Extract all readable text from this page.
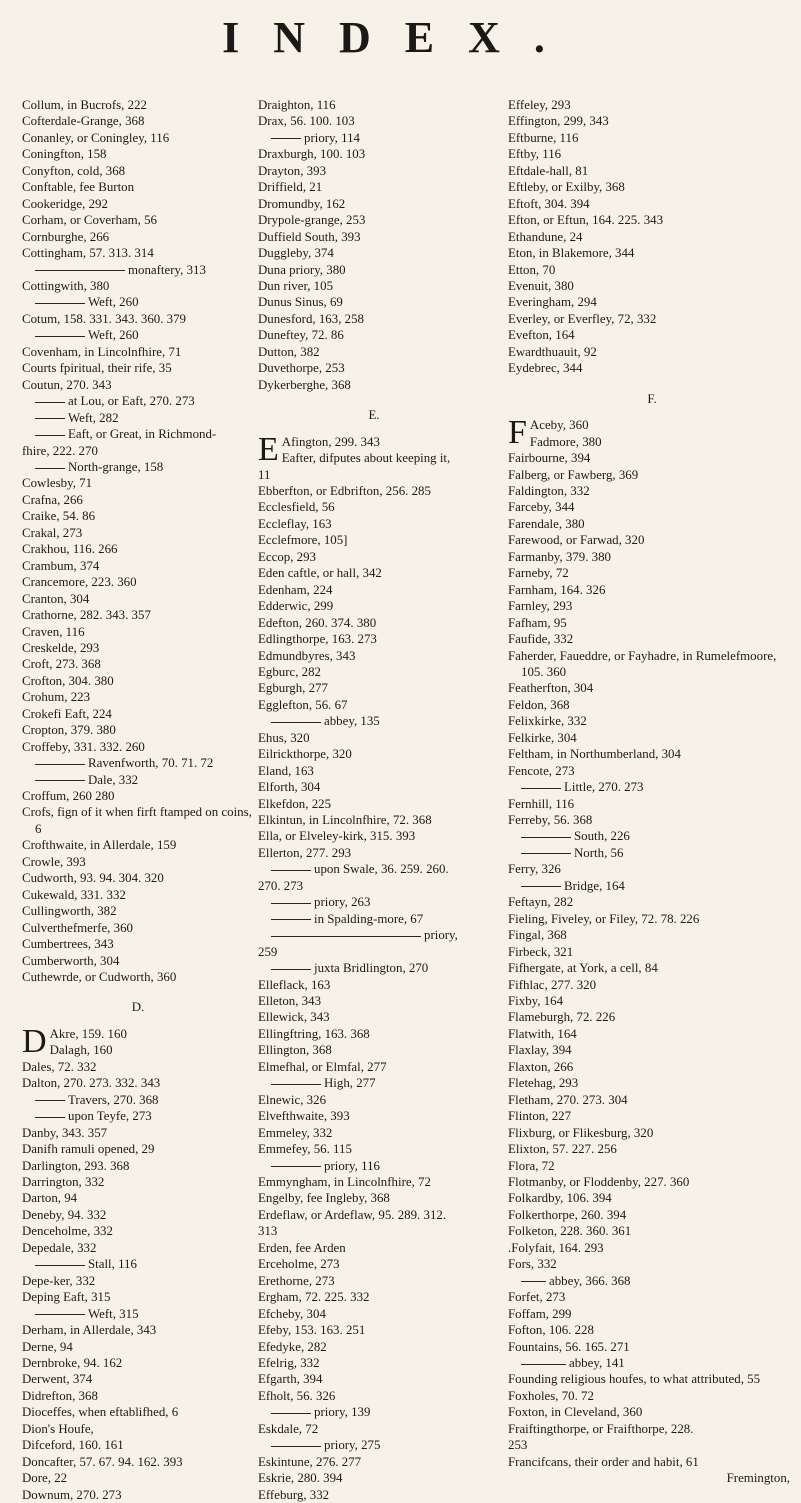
INDEX.
Collum, in Bucrofs, 222
Cofterdale-Grange, 368
Conanley, or Coningley, 116
Coningfton, 158
Conyfton, cold, 368
Conftable, fee Burton
Cookeridge, 292
Corham, or Coverham, 56
Cornburghe, 266
Cottingham, 57. 313. 314
monaftery, 313
Cottingwith, 380
Weft, 260
Cotum, 158. 331. 343. 360. 379
Weft, 260
Covenham, in Lincolnfhire, 71
Courts fpiritual, their rife, 35
Coutun, 270. 343
at Lou, or Eaft, 270. 273
Weft, 282
Eaft, or Great, in Richmond-
fhire, 222. 270
North-grange, 158
Cowlesby, 71
Crafna, 266
Craike, 54. 86
Crakal, 273
Crakhou, 116. 266
Crambum, 374
Crancemore, 223. 360
Cranton, 304
Crathorne, 282. 343. 357
Craven, 116
Creskelde, 293
Croft, 273. 368
Crofton, 304. 380
Crohum, 223
Crokefi Eaft, 224
Cropton, 379. 380
Croffeby, 331. 332. 260
Ravenfworth, 70. 71. 72
Dale, 332
Croffum, 260 280
Crofs, fign of it when firft ftamped on coins, 6
Crofthwaite, in Allerdale, 159
Crowle, 393
Cudworth, 93. 94. 304. 320
Cukewald, 331. 332
Cullingworth, 382
Culverthefmerfe, 360
Cumbertrees, 343
Cumberworth, 304
Cuthewrde, or Cudworth, 360
D.
D Akre, 159. 160
Dalagh, 160
Dales, 72. 332
Dalton, 270. 273. 332. 343
Travers, 270. 368
upon Teyfe, 273
Danby, 343. 357
Danifh ramuli opened, 29
Darlington, 293. 368
Darrington, 332
Darton, 94
Deneby, 94. 332
Denceholme, 332
Depedale, 332
Stall, 116
Depe-ker, 332
Deping Eaft, 315
Weft, 315
Derham, in Allerdale, 343
Derne, 94
Dernbroke, 94. 162
Derwent, 374
Didrefton, 368
Dioceffes, when eftablifhed, 6
Dion's Houfe,
Difceford, 160. 161
Doncafter, 57. 67. 94. 162. 393
Dore, 22
Downum, 270. 273
Draighton, 116
Drax, 56. 100. 103
priory, 114
Draxburgh, 100. 103
Drayton, 393
Driffield, 21
Dromundby, 162
Drypole-grange, 253
Duffield South, 393
Duggleby, 374
Duna priory, 380
Dun river, 105
Dunus Sinus, 69
Dunesford, 163, 258
Duneftey, 72. 86
Dutton, 382
Duvethorpe, 253
Dykerberghe, 368
E.
E Afington, 299. 343
Eafter, difputes about keeping it,
11
Ebberfton, or Edbrifton, 256. 285
Ecclesfield, 56
Eccleflay, 163
Ecclefmore, 105]
Eccop, 293
Eden caftle, or hall, 342
Edenham, 224
Edderwic, 299
Edefton, 260. 374. 380
Edlingthorpe, 163. 273
Edmundbyres, 343
Egburc, 282
Egburgh, 277
Egglefton, 56. 67
abbey, 135
Ehus, 320
Eilrickthorpe, 320
Eland, 163
Elforth, 304
Elkefdon, 225
Elkintun, in Lincolnfhire, 72. 368
Ella, or Elveley-kirk, 315. 393
Ellerton, 277. 293
upon Swale, 36. 259. 260.
270. 273
priory, 263
in Spalding-more, 67
priory,
259
juxta Bridlington, 270
Elleflack, 163
Elleton, 343
Ellewick, 343
Ellingftring, 163. 368
Ellington, 368
Elmefhal, or Elmfal, 277
High, 277
Elnewic, 326
Elvefthwaite, 393
Emmeley, 332
Emmefey, 56. 115
priory, 116
Emmyngham, in Lincolnfhire, 72
Engelby, fee Ingleby, 368
Erdeflaw, or Ardeflaw, 95. 289. 312.
313
Erden, fee Arden
Erceholme, 273
Erethorne, 273
Ergham, 72. 225. 332
Efcheby, 304
Efeby, 153. 163. 251
Efedyke, 282
Efelrig, 332
Efgarth, 394
Efholt, 56. 326
priory, 139
Eskdale, 72
priory, 275
Eskintune, 276. 277
Eskrie, 280. 394
Effeburg, 332
Effeley, 293
Effington, 299, 343
Eftburne, 116
Eftby, 116
Eftdale-hall, 81
Eftleby, or Exilby, 368
Eftoft, 304. 394
Efton, or Eftun, 164. 225. 343
Ethandune, 24
Eton, in Blakemore, 344
Etton, 70
Evenuit, 380
Everingham, 294
Everley, or Everfley, 72, 332
Evefton, 164
Ewardthuauit, 92
Eydebrec, 344
F.
F Aceby, 360
Fadmore, 380
Fairbourne, 394
Falberg, or Fawberg, 369
Faldington, 332
Farceby, 344
Farendale, 380
Farewood, or Farwad, 320
Farmanby, 379. 380
Farneby, 72
Farnham, 164. 326
Farnley, 293
Fafham, 95
Faufide, 332
Faherder, Faueddre, or Fayhadre, in Rumelefmoore, 105. 360
Featherfton, 304
Feldon, 368
Felixkirke, 332
Felkirke, 304
Feltham, in Northumberland, 304
Fencote, 273
Little, 270. 273
Fernhill, 116
Ferreby, 56. 368
South, 226
North, 56
Ferry, 326
Bridge, 164
Feftayn, 282
Fieling, Fiveley, or Filey, 72. 78. 226
Fingal, 368
Firbeck, 321
Fifhergate, at York, a cell, 84
Fifhlac, 277. 320
Fixby, 164
Flameburgh, 72. 226
Flatwith, 164
Flaxlay, 394
Flaxton, 266
Fletehag, 293
Fletham, 270. 273. 304
Flinton, 227
Flixburg, or Flikesburg, 320
Elixton, 57. 227. 256
Flora, 72
Flotmanby, or Floddenby, 227. 360
Folkardby, 106. 394
Folkerthorpe, 260. 394
Folketon, 228. 360. 361
.Folyfait, 164. 293
Fors, 332
abbey, 366. 368
Forfet, 273
Foffam, 299
Fofton, 106. 228
Fountains, 56. 165. 271
abbey, 141
Founding religious houfes, to what attributed, 55
Foxholes, 70. 72
Foxton, in Cleveland, 360
Fraiftingthorpe, or Fraifthorpe, 228.
253
Francifcans, their order and habit, 61
Fremington,
